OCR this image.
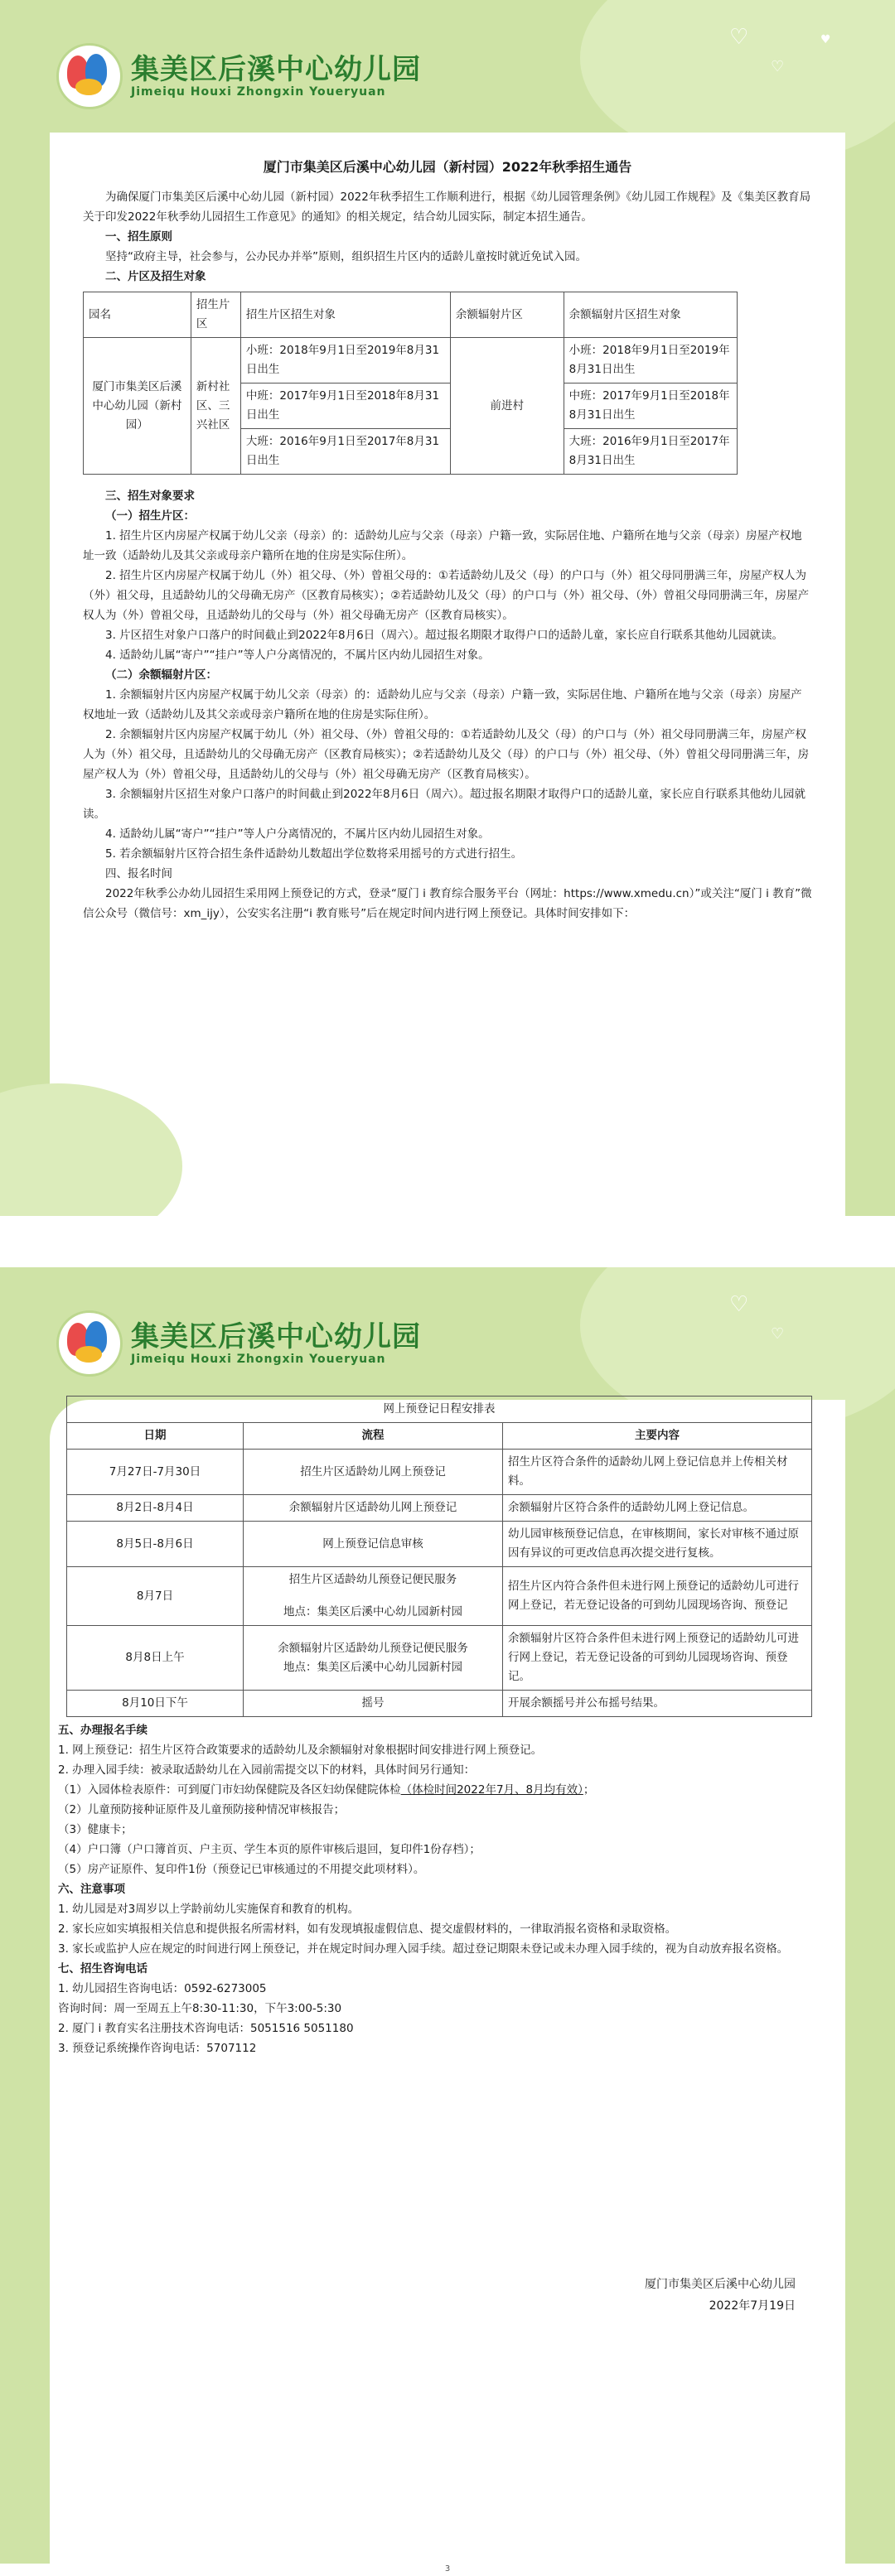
♡
♡
♥
集美区后溪中心幼儿园
Jimeiqu Houxi Zhongxin Youeryuan

厦门市集美区后溪中心幼儿园（新村园）2022年秋季招生通告

为确保厦门市集美区后溪中心幼儿园（新村园）2022年秋季招生工作顺利进行，根据《幼儿园管理条例》《幼儿园工作规程》及《集美区教育局关于印发2022年秋季幼儿园招生工作意见》的通知》的相关规定，结合幼儿园实际，制定本招生通告。

一、招生原则

坚持“政府主导，社会参与，公办民办并举”原则，组织招生片区内的适龄儿童按时就近免试入园。

二、片区及招生对象

园名	招生片区	招生片区招生对象	余额辐射片区	余额辐射片区招生对象
厦门市集美区后溪中心幼儿园（新村园）	新村社区、三兴社区	小班：2018年9月1日至2019年8月31日出生	前进村	小班：2018年9月1日至2019年8月31日出生
		中班：2017年9月1日至2018年8月31日出生		中班：2017年9月1日至2018年8月31日出生
		大班：2016年9月1日至2017年8月31日出生		大班：2016年9月1日至2017年8月31日出生

三、招生对象要求

（一）招生片区：

1. 招生片区内房屋产权属于幼儿父亲（母亲）的：适龄幼儿应与父亲（母亲）户籍一致，实际居住地、户籍所在地与父亲（母亲）房屋产权地址一致（适龄幼儿及其父亲或母亲户籍所在地的住房是实际住所）。

2. 招生片区内房屋产权属于幼儿（外）祖父母、（外）曾祖父母的：①若适龄幼儿及父（母）的户口与（外）祖父母同册满三年，房屋产权人为（外）祖父母，且适龄幼儿的父母确无房产（区教育局核实）；②若适龄幼儿及父（母）的户口与（外）祖父母、（外）曾祖父母同册满三年，房屋产权人为（外）曾祖父母，且适龄幼儿的父母与（外）祖父母确无房产（区教育局核实）。

3. 片区招生对象户口落户的时间截止到2022年8月6日（周六）。超过报名期限才取得户口的适龄儿童，家长应自行联系其他幼儿园就读。

4. 适龄幼儿属“寄户”“挂户”等人户分离情况的，不属片区内幼儿园招生对象。

（二）余额辐射片区：

1. 余额辐射片区内房屋产权属于幼儿父亲（母亲）的：适龄幼儿应与父亲（母亲）户籍一致，实际居住地、户籍所在地与父亲（母亲）房屋产权地址一致（适龄幼儿及其父亲或母亲户籍所在地的住房是实际住所）。

2. 余额辐射片区内房屋产权属于幼儿（外）祖父母、（外）曾祖父母的：①若适龄幼儿及父（母）的户口与（外）祖父母同册满三年，房屋产权人为（外）祖父母，且适龄幼儿的父母确无房产（区教育局核实）；②若适龄幼儿及父（母）的户口与（外）祖父母、（外）曾祖父母同册满三年，房屋产权人为（外）曾祖父母，且适龄幼儿的父母与（外）祖父母确无房产（区教育局核实）。

3. 余额辐射片区招生对象户口落户的时间截止到2022年8月6日（周六）。超过报名期限才取得户口的适龄儿童，家长应自行联系其他幼儿园就读。

4. 适龄幼儿属“寄户”“挂户”等人户分离情况的，不属片区内幼儿园招生对象。

5. 若余额辐射片区符合招生条件适龄幼儿数超出学位数将采用摇号的方式进行招生。

四、报名时间

2022年秋季公办幼儿园招生采用网上预登记的方式，登录“厦门 i 教育综合服务平台（网址：https://www.xmedu.cn）”或关注“厦门 i 教育”微信公众号（微信号：xm_ijy），公安实名注册“i 教育账号”后在规定时间内进行网上预登记。具体时间安排如下：

♡
♡
集美区后溪中心幼儿园
Jimeiqu Houxi Zhongxin Youeryuan
网上预登记日程安排表		
日期	流程	主要内容
7月27日-7月30日	招生片区适龄幼儿网上预登记	招生片区符合条件的适龄幼儿网上登记信息并上传相关材料。
8月2日-8月4日	余额辐射片区适龄幼儿网上预登记	余额辐射片区符合条件的适龄幼儿网上登记信息。
8月5日-8月6日	网上预登记信息审核	幼儿园审核预登记信息，在审核期间，家长对审核不通过原因有异议的可更改信息再次提交进行复核。
8月7日	招生片区适龄幼儿预登记便民服务
地点：集美区后溪中心幼儿园新村园	招生片区内符合条件但未进行网上预登记的适龄幼儿可进行网上登记，若无登记设备的可到幼儿园现场咨询、预登记
8月8日上午	余额辐射片区适龄幼儿预登记便民服务
地点：集美区后溪中心幼儿园新村园	余额辐射片区符合条件但未进行网上预登记的适龄幼儿可进行网上登记，若无登记设备的可到幼儿园现场咨询、预登记。
8月10日下午	摇号	开展余额摇号并公布摇号结果。

五、办理报名手续

1. 网上预登记：招生片区符合政策要求的适龄幼儿及余额辐射对象根据时间安排进行网上预登记。

2. 办理入园手续：被录取适龄幼儿在入园前需提交以下的材料，具体时间另行通知：

（1）入园体检表原件：可到厦门市妇幼保健院及各区妇幼保健院体检（体检时间2022年7月、8月均有效）；

（2）儿童预防接种证原件及儿童预防接种情况审核报告；

（3）健康卡；

（4）户口簿（户口簿首页、户主页、学生本页的原件审核后退回，复印件1份存档）；

（5）房产证原件、复印件1份（预登记已审核通过的不用提交此项材料）。

六、注意事项

1. 幼儿园是对3周岁以上学龄前幼儿实施保育和教育的机构。

2. 家长应如实填报相关信息和提供报名所需材料，如有发现填报虚假信息、提交虚假材料的，一律取消报名资格和录取资格。

3. 家长或监护人应在规定的时间进行网上预登记，并在规定时间办理入园手续。超过登记期限未登记或未办理入园手续的，视为自动放弃报名资格。

七、招生咨询电话

1. 幼儿园招生咨询电话：0592-6273005

咨询时间：周一至周五上午8:30-11:30，下午3:00-5:30

2. 厦门 i 教育实名注册技术咨询电话：5051516 5051180

3. 预登记系统操作咨询电话：5707112

厦门市集美区后溪中心幼儿园
2022年7月19日
3
